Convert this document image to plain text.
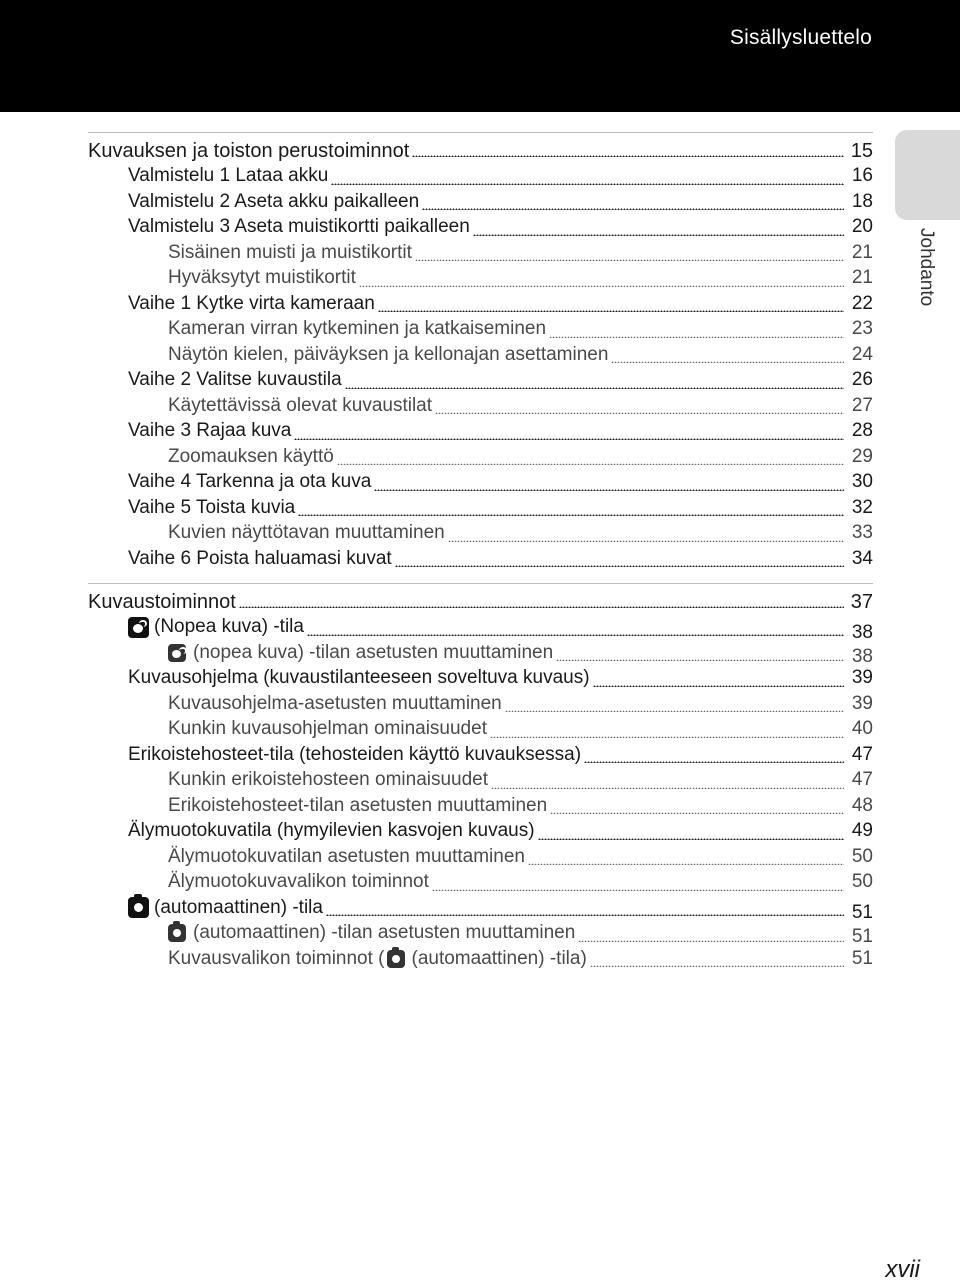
Sisällysluettelo
Johdanto
Kuvauksen ja toiston perustoiminnot	15
Valmistelu 1 Lataa akku	16
Valmistelu 2 Aseta akku paikalleen	18
Valmistelu 3 Aseta muistikortti paikalleen	20
Sisäinen muisti ja muistikortit	21
Hyväksytyt muistikortit	21
Vaihe 1 Kytke virta kameraan	22
Kameran virran kytkeminen ja katkaiseminen	23
Näytön kielen, päiväyksen ja kellonajan asettaminen	24
Vaihe 2 Valitse kuvaustila	26
Käytettävissä olevat kuvaustilat	27
Vaihe 3 Rajaa kuva	28
Zoomauksen käyttö	29
Vaihe 4 Tarkenna ja ota kuva	30
Vaihe 5 Toista kuvia	32
Kuvien näyttötavan muuttaminen	33
Vaihe 6 Poista haluamasi kuvat	34
Kuvaustoiminnot	37
(Nopea kuva) -tila	38
(nopea kuva) -tilan asetusten muuttaminen	38
Kuvausohjelma (kuvaustilanteeseen soveltuva kuvaus)	39
Kuvausohjelma-asetusten muuttaminen	39
Kunkin kuvausohjelman ominaisuudet	40
Erikoistehosteet-tila (tehosteiden käyttö kuvauksessa)	47
Kunkin erikoistehosteen ominaisuudet	47
Erikoistehosteet-tilan asetusten muuttaminen	48
Älymuotokuvatila (hymyilevien kasvojen kuvaus)	49
Älymuotokuvatilan asetusten muuttaminen	50
Älymuotokuvavalikon toiminnot	50
(automaattinen) -tila	51
(automaattinen) -tilan asetusten muuttaminen	51
Kuvausvalikon toiminnot ( (automaattinen) -tila)	51
xvii
